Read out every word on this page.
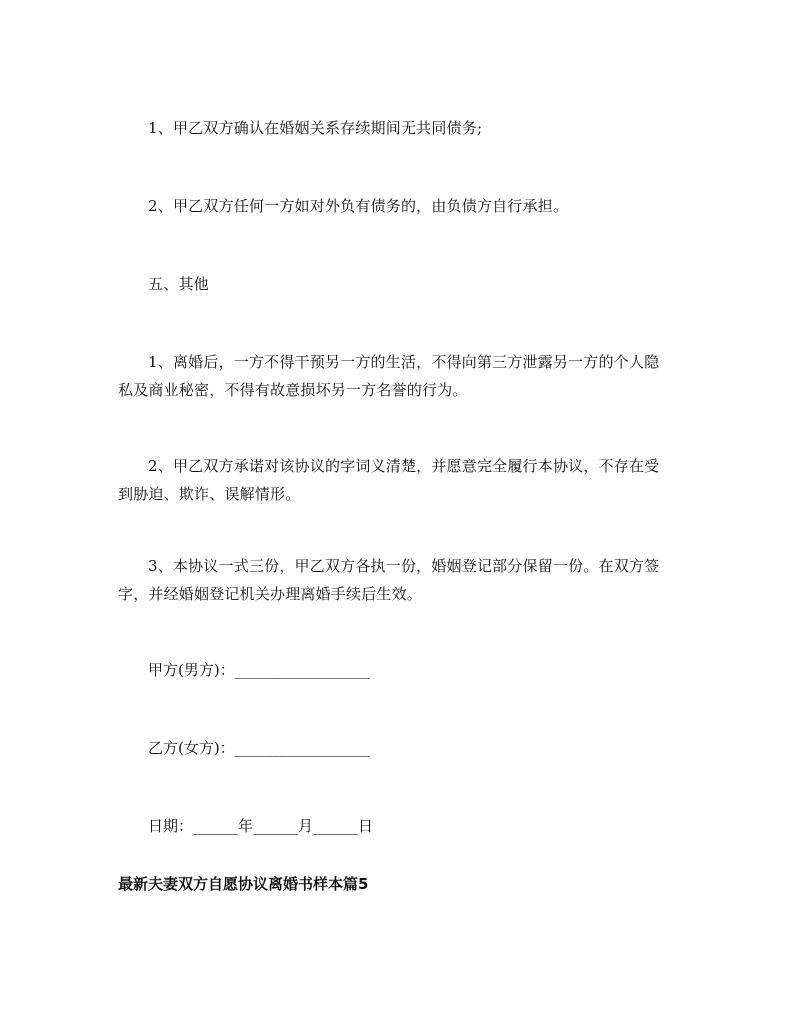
1、甲乙双方确认在婚姻关系存续期间无共同债务;
2、甲乙双方任何一方如对外负有债务的，由负债方自行承担。
五、其他
1、离婚后，一方不得干预另一方的生活，不得向第三方泄露另一方的个人隐私及商业秘密，不得有故意损坏另一方名誉的行为。
2、甲乙双方承诺对该协议的字词义清楚，并愿意完全履行本协议，不存在受到胁迫、欺诈、误解情形。
3、本协议一式三份，甲乙双方各执一份，婚姻登记部分保留一份。在双方签字，并经婚姻登记机关办理离婚手续后生效。
甲方(男方)：__________________
乙方(女方)：__________________
日期：______年______月______日
最新夫妻双方自愿协议离婚书样本篇5
